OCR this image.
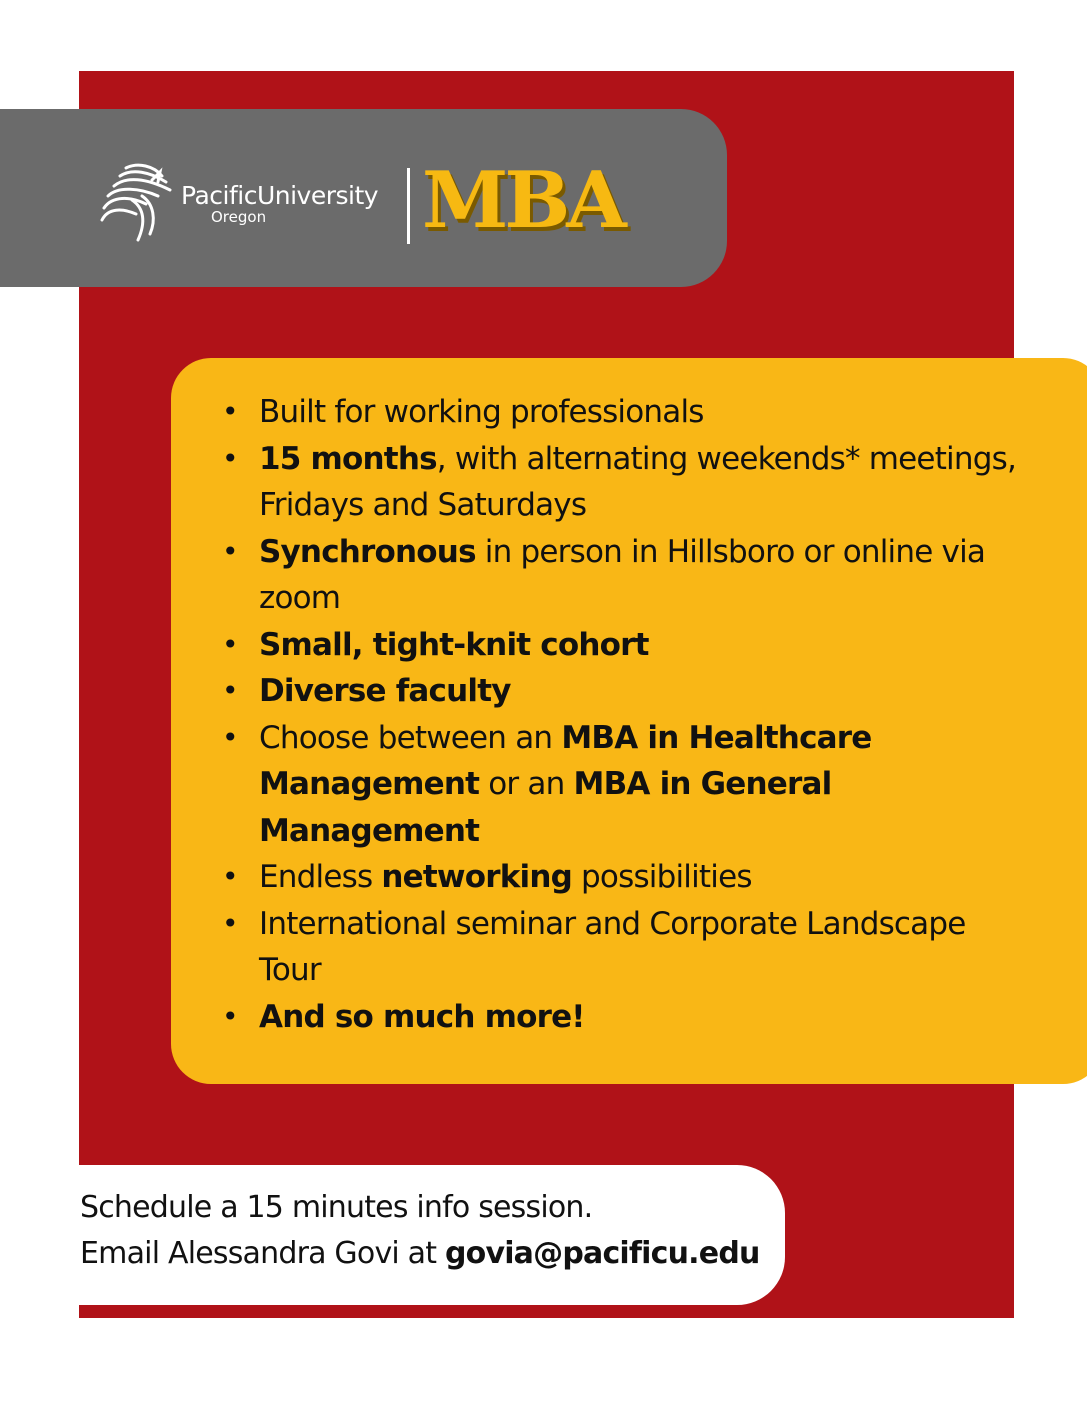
PacificUniversity
Oregon MBA
• Built for working professionals
• 15 months, with alternating weekends* meetings, Fridays and Saturdays
• Synchronous in person in Hillsboro or online via zoom
• Small, tight-knit cohort
• Diverse faculty
• Choose between an MBA in Healthcare Management or an MBA in General Management
• Endless networking possibilities
• International seminar and Corporate Landscape Tour
• And so much more!
Schedule a 15 minutes info session.
Email Alessandra Govi at govia@pacificu.edu
